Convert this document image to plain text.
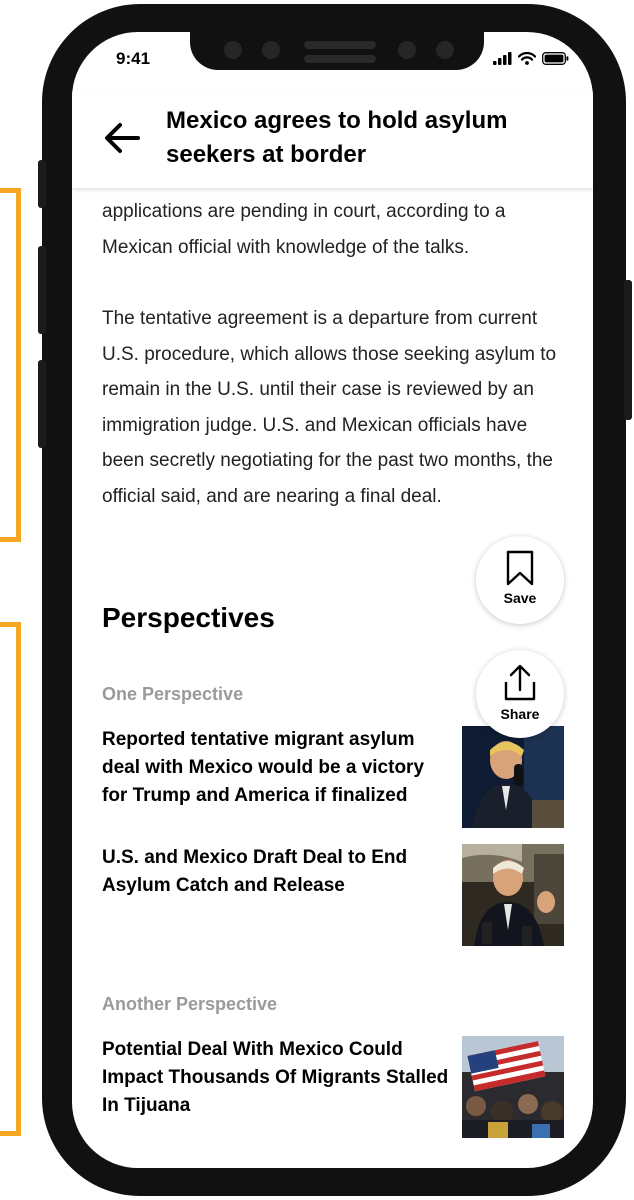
9:41
Mexico agrees to hold asylum seekers at border

applications are pending in court, according to a Mexican official with knowledge of the talks.

The tentative agreement is a departure from current U.S. procedure, which allows those seeking asylum to remain in the U.S. until their case is reviewed by an immigration judge. U.S. and Mexican officials have been secretly negotiating for the past two months, the official said, and are nearing a final deal.

Save
Share
Perspectives
One Perspective

Reported tentative migrant asylum deal with Mexico would be a victory for Trump and America if finalized

U.S. and Mexico Draft Deal to End Asylum Catch and Release

Another Perspective

Potential Deal With Mexico Could Impact Thousands Of Migrants Stalled In Tijuana
